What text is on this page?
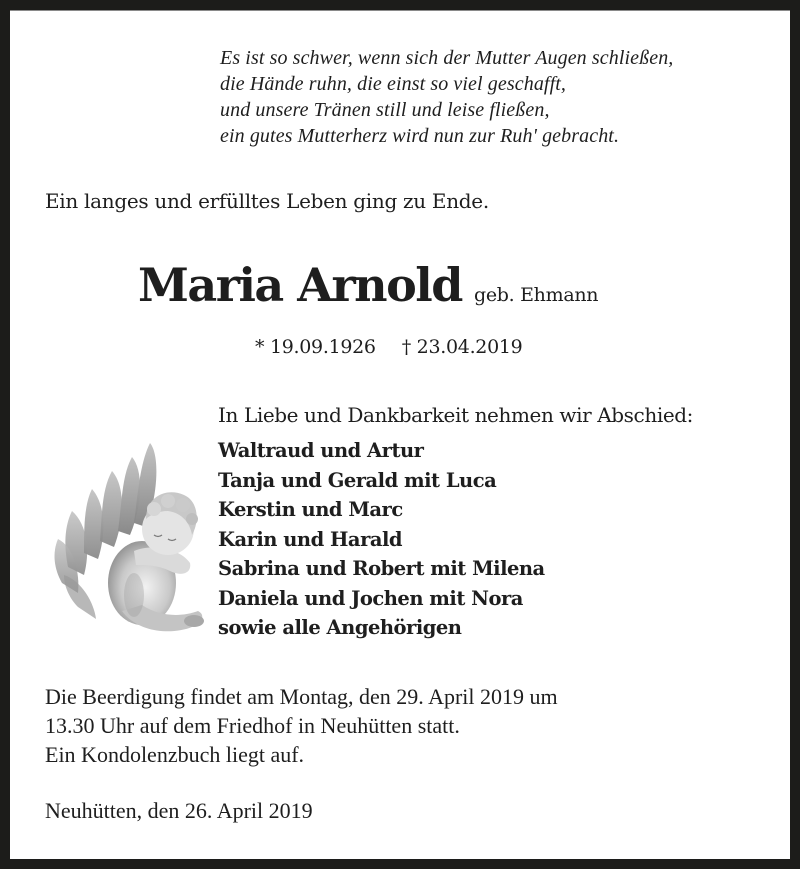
Es ist so schwer, wenn sich der Mutter Augen schließen,
die Hände ruhn, die einst so viel geschafft,
und unsere Tränen still und leise fließen,
ein gutes Mutterherz wird nun zur Ruh' gebracht.
Ein langes und erfülltes Leben ging zu Ende.
Maria Arnold geb. Ehmann
* 19.09.1926 † 23.04.2019
In Liebe und Dankbarkeit nehmen wir Abschied:
Waltraud und Artur
Tanja und Gerald mit Luca
Kerstin und Marc
Karin und Harald
Sabrina und Robert mit Milena
Daniela und Jochen mit Nora
sowie alle Angehörigen
Die Beerdigung findet am Montag, den 29. April 2019 um
13.30 Uhr auf dem Friedhof in Neuhütten statt.
Ein Kondolenzbuch liegt auf.
Neuhütten, den 26. April 2019
